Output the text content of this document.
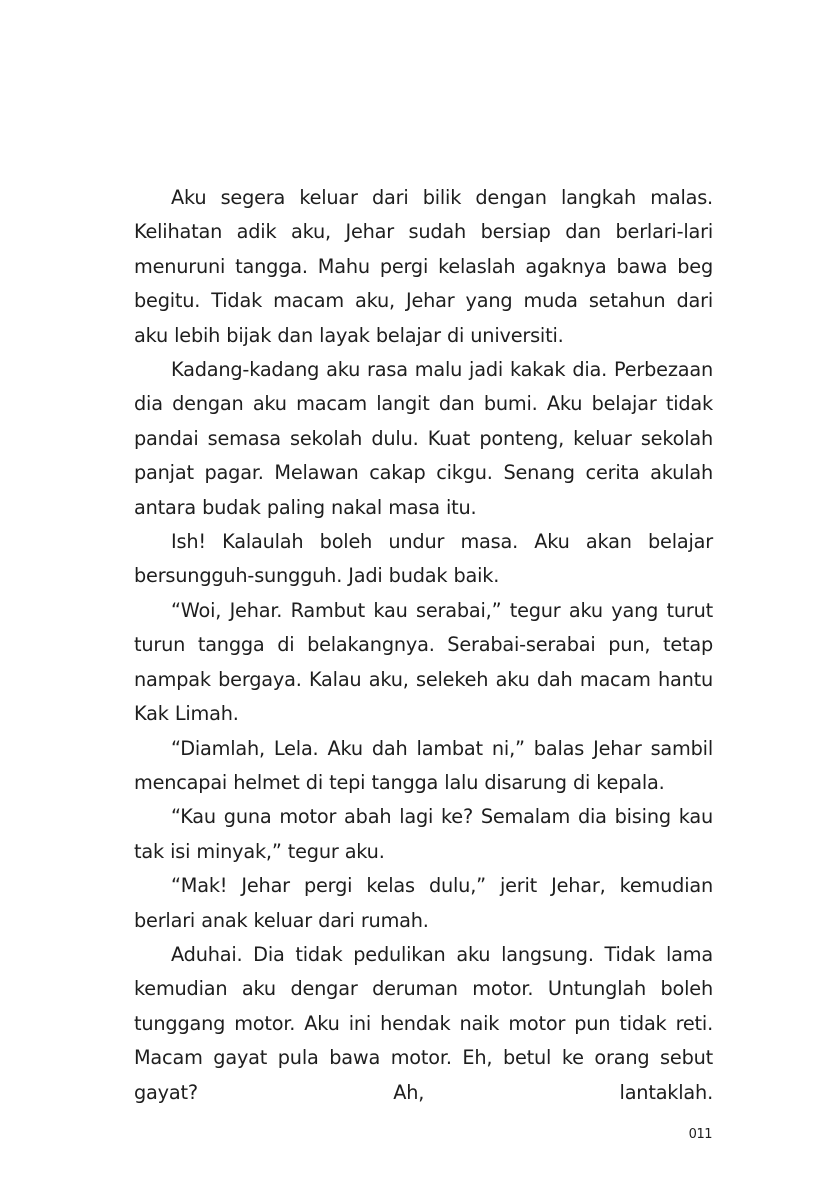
Aku segera keluar dari bilik dengan langkah malas. Kelihatan adik aku, Jehar sudah bersiap dan berlari-lari menuruni tangga. Mahu pergi kelaslah agaknya bawa beg begitu. Tidak macam aku, Jehar yang muda setahun dari aku lebih bijak dan layak belajar di universiti.

Kadang-kadang aku rasa malu jadi kakak dia. Perbezaan dia dengan aku macam langit dan bumi. Aku belajar tidak pandai semasa sekolah dulu. Kuat ponteng, keluar sekolah panjat pagar. Melawan cakap cikgu. Senang cerita akulah antara budak paling nakal masa itu.

Ish! Kalaulah boleh undur masa. Aku akan belajar bersungguh-sungguh. Jadi budak baik.

“Woi, Jehar. Rambut kau serabai,” tegur aku yang turut turun tangga di belakangnya. Serabai-serabai pun, tetap nampak bergaya. Kalau aku, selekeh aku dah macam hantu Kak Limah.

“Diamlah, Lela. Aku dah lambat ni,” balas Jehar sambil mencapai helmet di tepi tangga lalu disarung di kepala.

“Kau guna motor abah lagi ke? Semalam dia bising kau tak isi minyak,” tegur aku.

“Mak! Jehar pergi kelas dulu,” jerit Jehar, kemudian berlari anak keluar dari rumah.

Aduhai. Dia tidak pedulikan aku langsung. Tidak lama kemudian aku dengar deruman motor. Untunglah boleh tunggang motor. Aku ini hendak naik motor pun tidak reti. Macam gayat pula bawa motor. Eh, betul ke orang sebut gayat? Ah, lantaklah.

011
